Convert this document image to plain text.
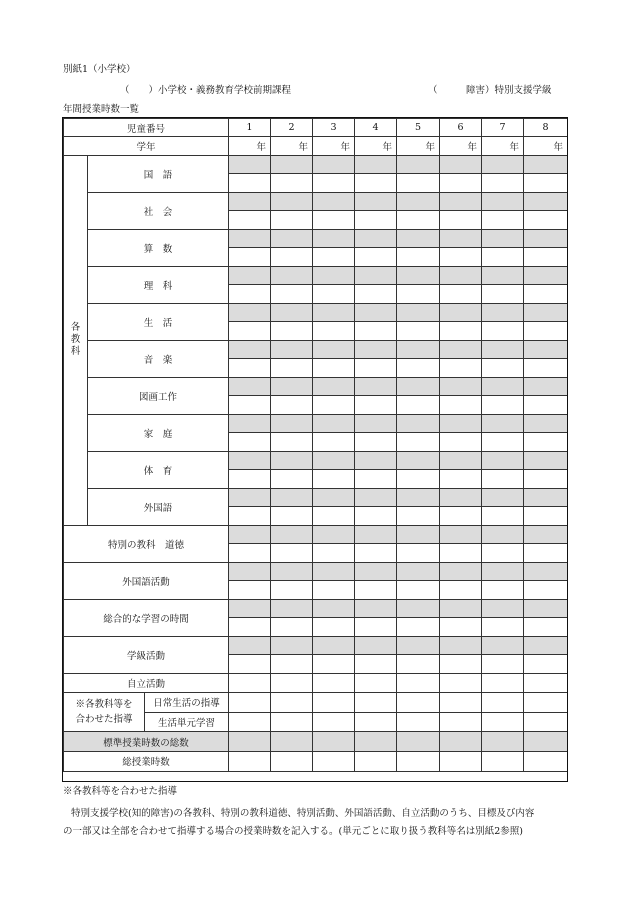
別紙1（小学校）
（　　）小学校・義務教育学校前期課程	（　　　障害）特別支援学級
年間授業時数一覧
児童番号			1	2	3	4	5	6	7	8
学年			年	年	年	年	年	年	年	年
各教科	国　語									

	社　会									

	算　数									

	理　科									

	生　活									

	音　楽									

	図画工作									

	家　庭									

	体　育									

	外国語									

特別の教科　道徳										

外国語活動										

総合的な学習の時間										

学級活動										

自立活動										

※各教科等を
合わせた指導		日常生活の指導								
		生活単元学習								
標準授業時数の総数										
総授業時数										
※各教科等を合わせた指導
特別支援学校(知的障害)の各教科、特別の教科道徳、特別活動、外国語活動、自立活動のうち、目標及び内容
の一部又は全部を合わせて指導する場合の授業時数を記入する。(単元ごとに取り扱う教科等名は別紙2参照)
